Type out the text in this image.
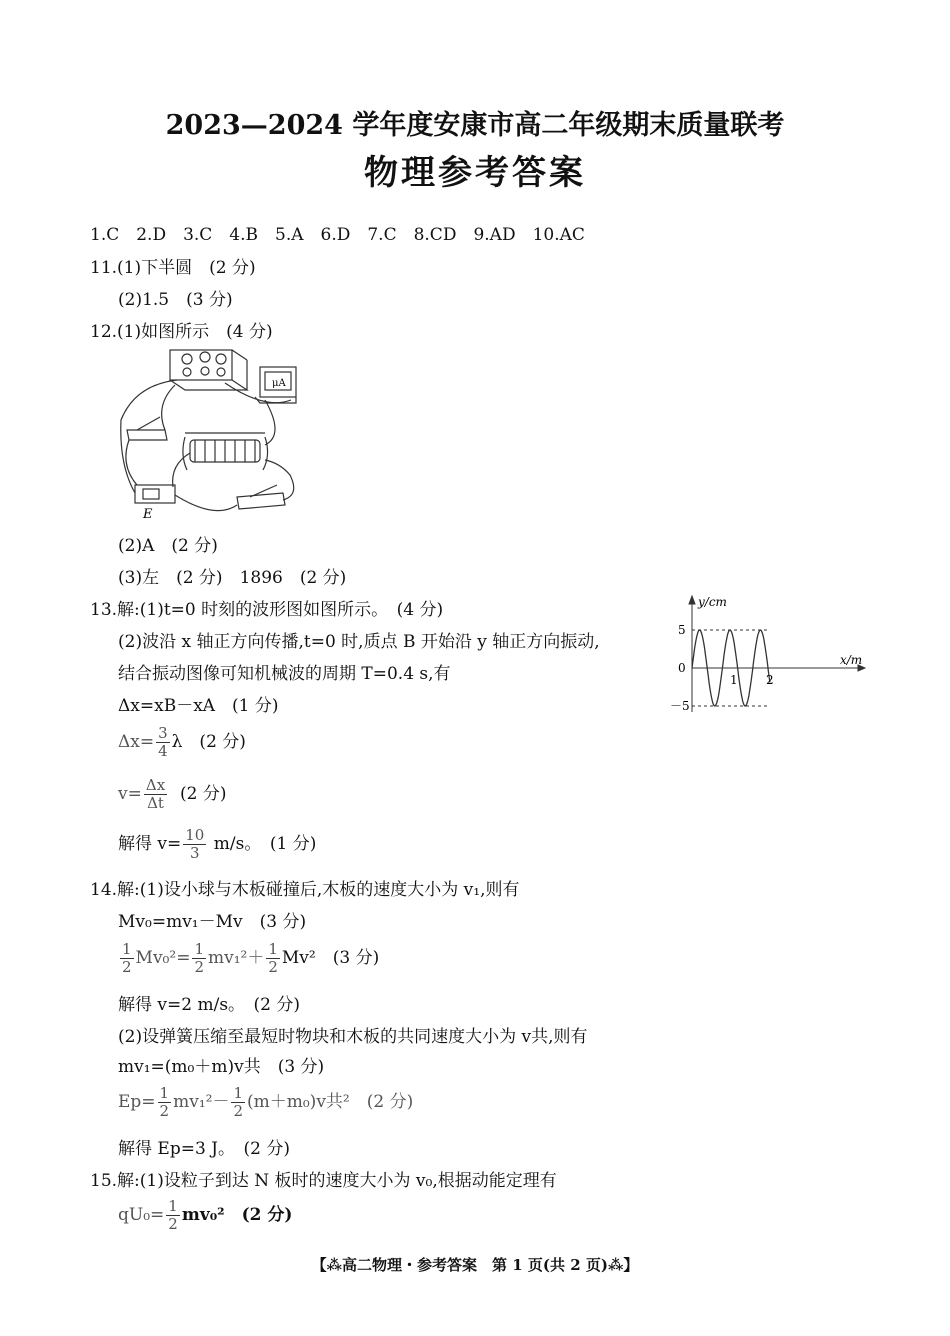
2023—2024 学年度安康市高二年级期末质量联考
物理参考答案
1.C　2.D　3.C　4.B　5.A　6.D　7.C　8.CD　9.AD　10.AC
11.(1)下半圆　(2 分)
(2)1.5　(3 分)
12.(1)如图所示　(4 分)
μA
E
(2)A　(2 分)
(3)左　(2 分)　1896　(2 分)
13.解:(1)t=0 时刻的波形图如图所示。　(4 分)
(2)波沿 x 轴正方向传播,t=0 时,质点 B 开始沿 y 轴正方向振动,
结合振动图像可知机械波的周期 T=0.4 s,有
Δx=xB－xA　(1 分)
$\Delta x= \frac{3}{4}$ λ　(2 分)
$v= \frac{\Delta x}{\Delta t} (2$ 分)
解得 $v= \frac{10}{3} m/s$。　(1 分)
y/cm
x/m
5
0
－5
1 2
14.解:(1)设小球与木板碰撞后,木板的速度大小为 v₁,则有
Mv₀=mv₁－Mv　(3 分)
$\frac{1}{2} Mv_0^2= \frac{1}{2} mv_1^2+ \frac{1}{2} Mv^2$　(3 分)
解得 v=2 m/s。　(2 分)
(2)设弹簧压缩至最短时物块和木板的共同速度大小为 v共,则有
mv₁=(m₀＋m)v共　(3 分)
$Ep= \frac{1}{2} mv_1^2- \frac{1}{2} (m+m_0)v$共²　(2 分)
解得 Ep=3 J。　(2 分)
15.解:(1)设粒子到达 N 板时的速度大小为 v₀,根据动能定理有
$qU_0= \frac{1}{2} mv_0^2$　(2 分)
【⁂高二物理・参考答案　第 1 页(共 2 页)⁂】
